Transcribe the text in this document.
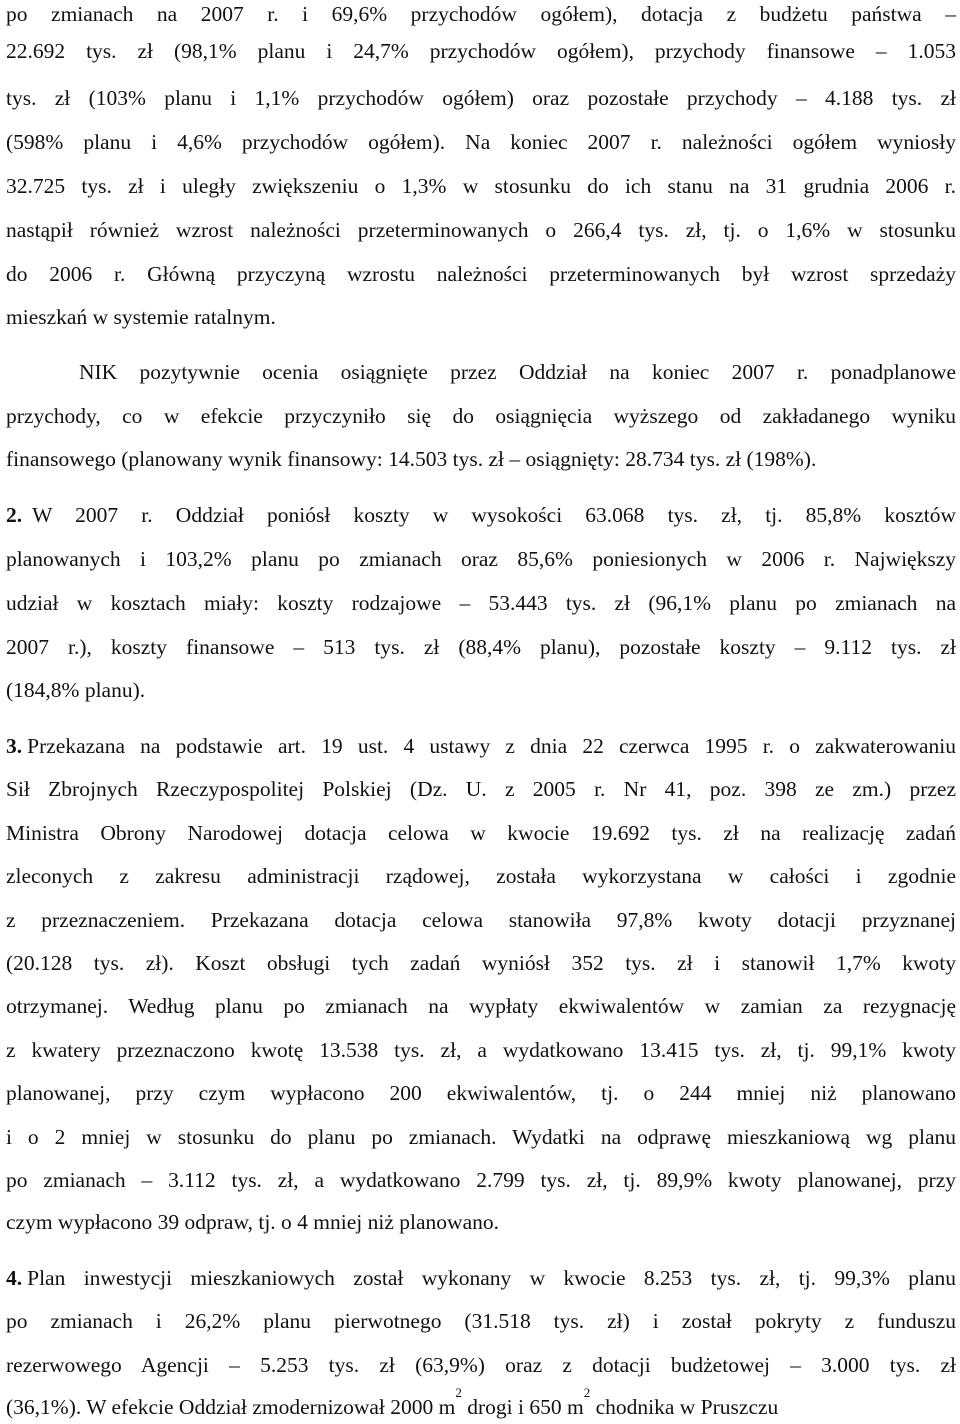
po zmianach na 2007 r. i 69,6% przychodów ogółem), dotacja z budżetu państwa –
22.692 tys. zł (98,1% planu i 24,7% przychodów ogółem), przychody finansowe – 1.053
tys. zł (103% planu i 1,1% przychodów ogółem) oraz pozostałe przychody – 4.188 tys. zł
(598% planu i 4,6% przychodów ogółem). Na koniec 2007 r. należności ogółem wyniosły
32.725 tys. zł i uległy zwiększeniu o 1,3% w stosunku do ich stanu na 31 grudnia 2006 r.
nastąpił również wzrost należności przeterminowanych o 266,4 tys. zł, tj. o 1,6% w stosunku
do 2006 r. Główną przyczyną wzrostu należności przeterminowanych był wzrost sprzedaży
mieszkań w systemie ratalnym.
NIK pozytywnie ocenia osiągnięte przez Oddział na koniec 2007 r. ponadplanowe
przychody, co w efekcie przyczyniło się do osiągnięcia wyższego od zakładanego wyniku
finansowego (planowany wynik finansowy: 14.503 tys. zł – osiągnięty: 28.734 tys. zł (198%).
2. W 2007 r. Oddział poniósł koszty w wysokości 63.068 tys. zł, tj. 85,8% kosztów
planowanych i 103,2% planu po zmianach oraz 85,6% poniesionych w 2006 r. Największy
udział w kosztach miały: koszty rodzajowe – 53.443 tys. zł (96,1% planu po zmianach na
2007 r.), koszty finansowe – 513 tys. zł (88,4% planu), pozostałe koszty – 9.112 tys. zł
(184,8% planu).
3. Przekazana na podstawie art. 19 ust. 4 ustawy z dnia 22 czerwca 1995 r. o zakwaterowaniu
Sił Zbrojnych Rzeczypospolitej Polskiej (Dz. U. z 2005 r. Nr 41, poz. 398 ze zm.) przez
Ministra Obrony Narodowej dotacja celowa w kwocie 19.692 tys. zł na realizację zadań
zleconych z zakresu administracji rządowej, została wykorzystana w całości i zgodnie
z przeznaczeniem. Przekazana dotacja celowa stanowiła 97,8% kwoty dotacji przyznanej
(20.128 tys. zł). Koszt obsługi tych zadań wyniósł 352 tys. zł i stanowił 1,7% kwoty
otrzymanej. Według planu po zmianach na wypłaty ekwiwalentów w zamian za rezygnację
z kwatery przeznaczono kwotę 13.538 tys. zł, a wydatkowano 13.415 tys. zł, tj. 99,1% kwoty
planowanej, przy czym wypłacono 200 ekwiwalentów, tj. o 244 mniej niż planowano
i o 2 mniej w stosunku do planu po zmianach. Wydatki na odprawę mieszkaniową wg planu
po zmianach – 3.112 tys. zł, a wydatkowano 2.799 tys. zł, tj. 89,9% kwoty planowanej, przy
czym wypłacono 39 odpraw, tj. o 4 mniej niż planowano.
4. Plan inwestycji mieszkaniowych został wykonany w kwocie 8.253 tys. zł, tj. 99,3% planu
po zmianach i 26,2% planu pierwotnego (31.518 tys. zł) i został pokryty z funduszu
rezerwowego Agencji – 5.253 tys. zł (63,9%) oraz z dotacji budżetowej – 3.000 tys. zł
(36,1%). W efekcie Oddział zmodernizował 2000 m
2
drogi i 650 m
2
chodnika w Pruszczu
